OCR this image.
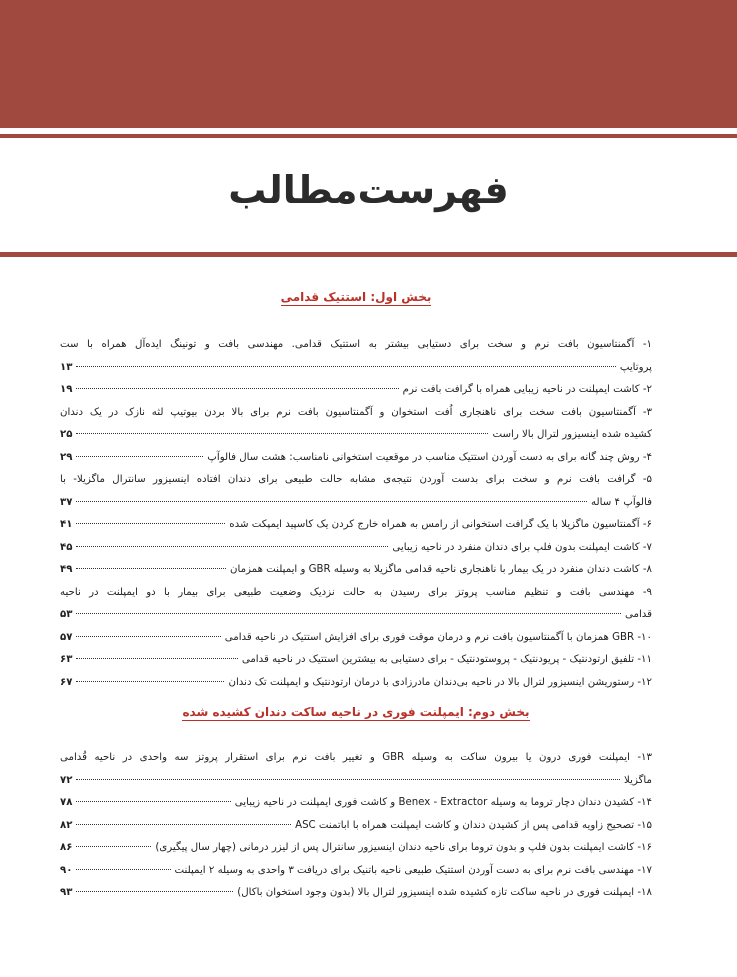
فهرست‌مطالب

بخش اول: استتیک قدامی

۱- آگمنتاسیون بافت نرم و سخت برای دستیابی بیشتر به استتیک قدامی. مهندسی بافت و تونینگ ایده‌آل همراه با ست
پروتایپ
۱۳
۲- کاشت ایمپلنت در ناحیه زیبایی همراه با گرافت بافت نرم
۱۹
۳- آگمنتاسیون بافت سخت برای ناهنجاری اُفت استخوان و آگمنتاسیون بافت نرم برای بالا بردن بیوتیپ لثه نازک در یک دندان
کشیده شده اینسیزور لترال بالا راست
۲۵
۴- روش چند گانه برای به دست آوردن استتیک مناسب در موقعیت استخوانی نامناسب: هشت سال فالوآپ
۲۹
۵- گرافت بافت نرم و سخت برای بدست آوردن نتیجه‌ی مشابه حالت طبیعی برای دندان افتاده اینسیزور سانترال ماگزیلا- با
فالوآپ ۴ ساله
۳۷
۶- آگمنتاسیون ماگزیلا با یک گرافت استخوانی از رامس به همراه خارج کردن یک کاسپید ایمپکت شده
۴۱
۷- کاشت ایمپلنت بدون فلپ برای دندان منفرد در ناحیه زیبایی
۴۵
۸- کاشت دندان منفرد در یک بیمار با ناهنجاری ناحیه قدامی ماگزیلا به وسیله GBR و ایمپلنت همزمان
۴۹
۹- مهندسی بافت و تنظیم مناسب پروتز برای رسیدن به حالت نزدیک وضعیت طبیعی برای بیمار با دو ایمپلنت در ناحیه
قدامی
۵۳
۱۰- GBR همزمان با آگمنتاسیون بافت نرم و درمان موقت فوری برای افزایش استتیک در ناحیه قدامی
۵۷
۱۱- تلفیق ارتودنتیک - پریودنتیک - پروستودنتیک - برای دستیابی به بیشترین استتیک در ناحیه قدامی
۶۳
۱۲- رستوریشن اینسیزور لترال بالا در ناحیه بی‌دندان مادرزادی با درمان ارتودنتیک و ایمپلنت تک دندان
۶۷

بخش دوم: ایمپلنت فوری در ناحیه ساکت دندان کشیده شده

۱۳- ایمپلنت فوری درون یا بیرون ساکت به وسیله GBR و تغییر بافت نرم برای استقرار پروتز سه واحدی در ناحیه قُدامی
ماگزیلا
۷۲
۱۴- کشیدن دندان دچار تروما به وسیله Benex - Extractor و کاشت فوری ایمپلنت در ناحیه زیبایی
۷۸
۱۵- تصحیح زاویه قدامی پس از کشیدن دندان و کاشت ایمپلنت همراه با اباتمنت ASC
۸۲
۱۶- کاشت ایمپلنت بدون فلپ و بدون تروما برای ناحیه دندان اینسیزور سانترال پس از لیزر درمانی (چهار سال پیگیری)
۸۶
۱۷- مهندسی بافت نرم برای به دست آوردن استتیک طبیعی ناحیه باتنیک برای دریافت ۳ واحدی به وسیله ۲ ایمپلنت
۹۰
۱۸- ایمپلنت فوری در ناحیه ساکت تازه کشیده شده اینسیزور لترال بالا (بدون وجود استخوان باکال)
۹۳
